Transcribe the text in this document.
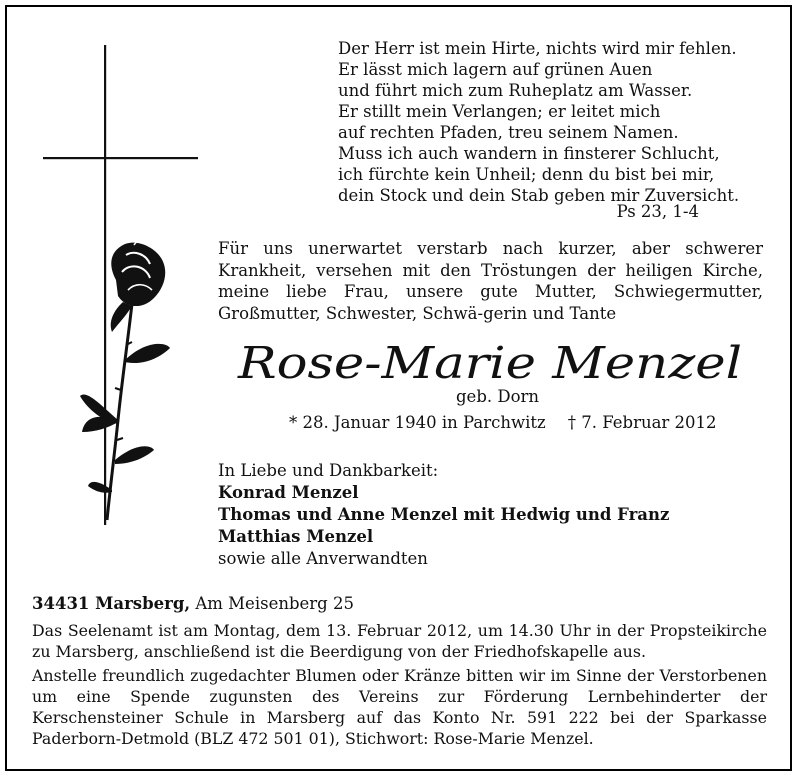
Der Herr ist mein Hirte, nichts wird mir fehlen.
Er lässt mich lagern auf grünen Auen
und führt mich zum Ruheplatz am Wasser.
Er stillt mein Verlangen; er leitet mich
auf rechten Pfaden, treu seinem Namen.
Muss ich auch wandern in finsterer Schlucht,
ich fürchte kein Unheil; denn du bist bei mir,
dein Stock und dein Stab geben mir Zuversicht.
Ps 23, 1-4
Für uns unerwartet verstarb nach kurzer, aber schwerer Krankheit, versehen mit den Tröstungen der heiligen Kirche, meine liebe Frau, unsere gute Mutter, Schwiegermutter, Großmutter, Schwester, Schwä-gerin und Tante
Rose-Marie Menzel
geb. Dorn
* 28. Januar 1940 in Parchwitz † 7. Februar 2012
In Liebe und Dankbarkeit:
Konrad Menzel
Thomas und Anne Menzel mit Hedwig und Franz
Matthias Menzel
sowie alle Anverwandten
34431 Marsberg, Am Meisenberg 25
Das Seelenamt ist am Montag, dem 13. Februar 2012, um 14.30 Uhr in der Propsteikirche zu Marsberg, anschließend ist die Beerdigung von der Friedhofskapelle aus.
Anstelle freundlich zugedachter Blumen oder Kränze bitten wir im Sinne der Verstorbenen um eine Spende zugunsten des Vereins zur Förderung Lernbehinderter der Kerschensteiner Schule in Marsberg auf das Konto Nr. 591 222 bei der Sparkasse Paderborn-Detmold (BLZ 472 501 01), Stichwort: Rose-Marie Menzel.
